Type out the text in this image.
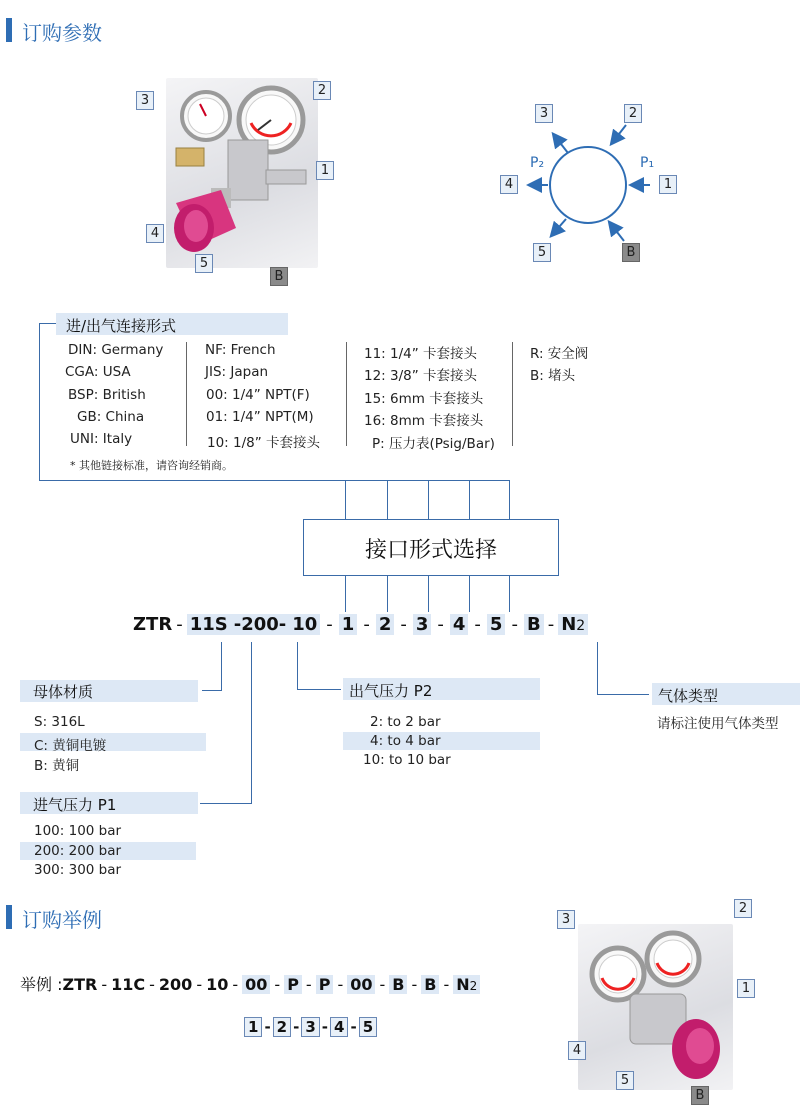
订购参数
3
2
1
4
5
B
P₂	P₁
3	2
4	1
5	B
进/出气连接形式
DIN: Germany
CGA: USA
BSP: British
GB: China
UNI: Italy
NF: French
JIS: Japan
00: 1/4” NPT(F)
01: 1/4” NPT(M)
10: 1/8” 卡套接头
11: 1/4” 卡套接头
12: 3/8” 卡套接头
15: 6mm 卡套接头
16: 8mm 卡套接头
P: 压力表(Psig/Bar)
R: 安全阀
B: 堵头
* 其他链接标准，请咨询经销商。
接口形式选择
ZTR - 11S -200- 10 - 1 - 2 - 3 - 4 - 5 - B - N2
母体材质
S: 316L
C: 黄铜电镀
B: 黄铜
进气压力 P1
100: 100 bar
200: 200 bar
300: 300 bar
出气压力 P2
2: to 2 bar
4: to 4 bar
10: to 10 bar
气体类型
请标注使用气体类型
订购举例
举例 :ZTR - 11C - 200 - 10 - 00 - P - P - 00 - B - B - N2
1 - 2 - 3 - 4 - 5
3
2
1
4
5
B
